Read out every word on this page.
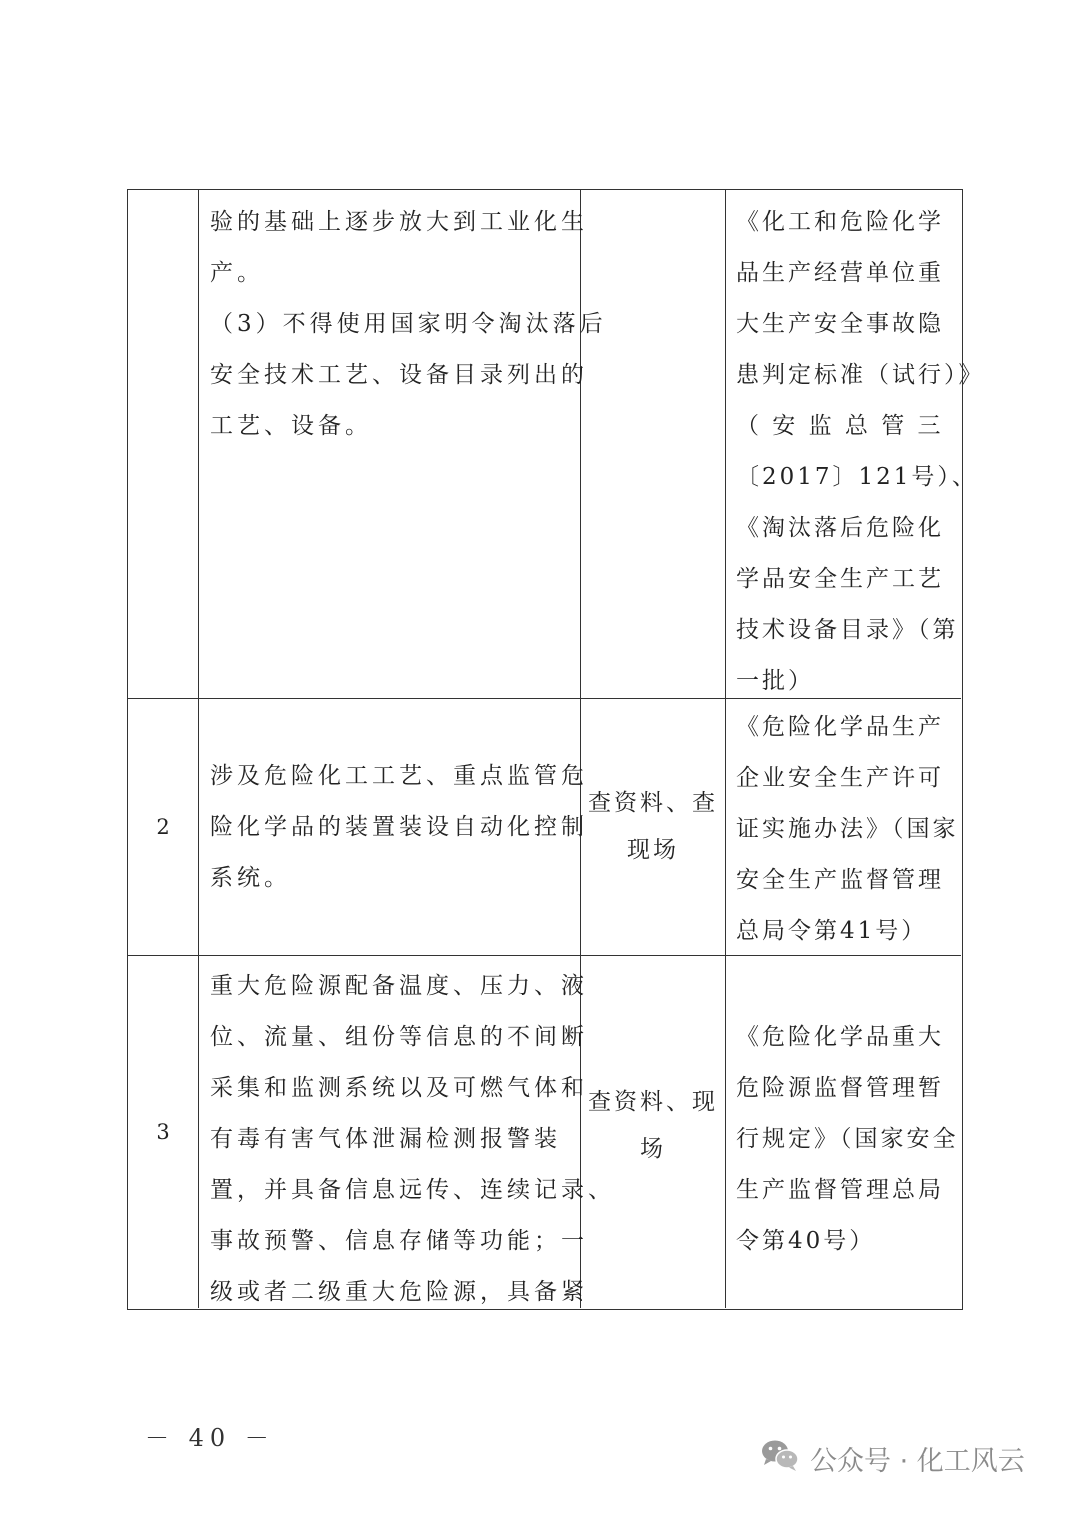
验的基础上逐步放大到工业化生
产。
（3）不得使用国家明令淘汰落后
安全技术工艺、设备目录列出的
工艺、设备。
《化工和危险化学
品生产经营单位重
大生产安全事故隐
患判定标准（试行）》
（ 安 监 总 管 三
〔2017〕121号）、
《淘汰落后危险化
学品安全生产工艺
技术设备目录》（第
一批）
2
涉及危险化工工艺、重点监管危
险化学品的装置装设自动化控制
系统。
查资料、查
现场
《危险化学品生产
企业安全生产许可
证实施办法》（国家
安全生产监督管理
总局令第41号）
3
重大危险源配备温度、压力、液
位、流量、组份等信息的不间断
采集和监测系统以及可燃气体和
有毒有害气体泄漏检测报警装
置，并具备信息远传、连续记录、
事故预警、信息存储等功能；一
级或者二级重大危险源，具备紧
查资料、现
场
《危险化学品重大
危险源监督管理暂
行规定》（国家安全
生产监督管理总局
令第40号）
－ 40 －
公众号 · 化工风云
